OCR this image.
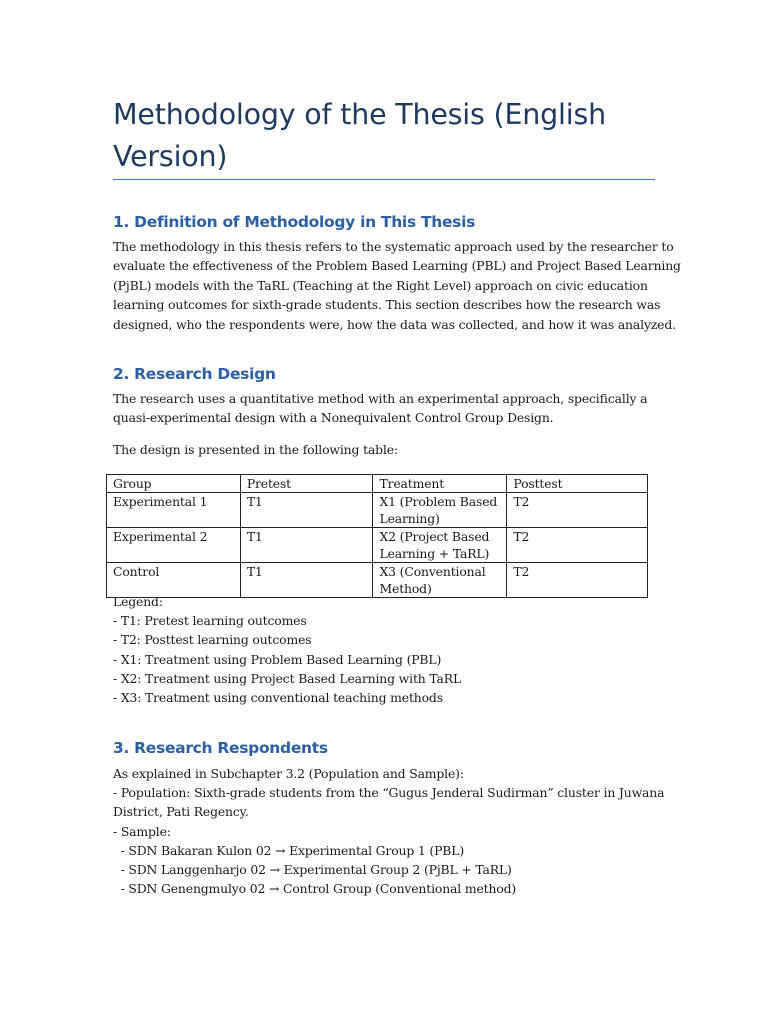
Methodology of the Thesis (English Version)
1. Definition of Methodology in This Thesis
The methodology in this thesis refers to the systematic approach used by the researcher to
evaluate the effectiveness of the Problem Based Learning (PBL) and Project Based Learning
(PjBL) models with the TaRL (Teaching at the Right Level) approach on civic education
learning outcomes for sixth-grade students. This section describes how the research was
designed, who the respondents were, how the data was collected, and how it was analyzed.
2. Research Design
The research uses a quantitative method with an experimental approach, specifically a
quasi-experimental design with a Nonequivalent Control Group Design.
The design is presented in the following table:
Group	Pretest	Treatment	Posttest
Experimental 1	T1	X1 (Problem Based Learning)	T2
Experimental 2	T1	X2 (Project Based Learning + TaRL)	T2
Control	T1	X3 (Conventional Method)	T2
Legend:
- T1: Pretest learning outcomes
- T2: Posttest learning outcomes
- X1: Treatment using Problem Based Learning (PBL)
- X2: Treatment using Project Based Learning with TaRL
- X3: Treatment using conventional teaching methods
3. Research Respondents
As explained in Subchapter 3.2 (Population and Sample):
- Population: Sixth-grade students from the “Gugus Jenderal Sudirman” cluster in Juwana
District, Pati Regency.
- Sample:
- SDN Bakaran Kulon 02 → Experimental Group 1 (PBL)
- SDN Langgenharjo 02 → Experimental Group 2 (PjBL + TaRL)
- SDN Genengmulyo 02 → Control Group (Conventional method)
